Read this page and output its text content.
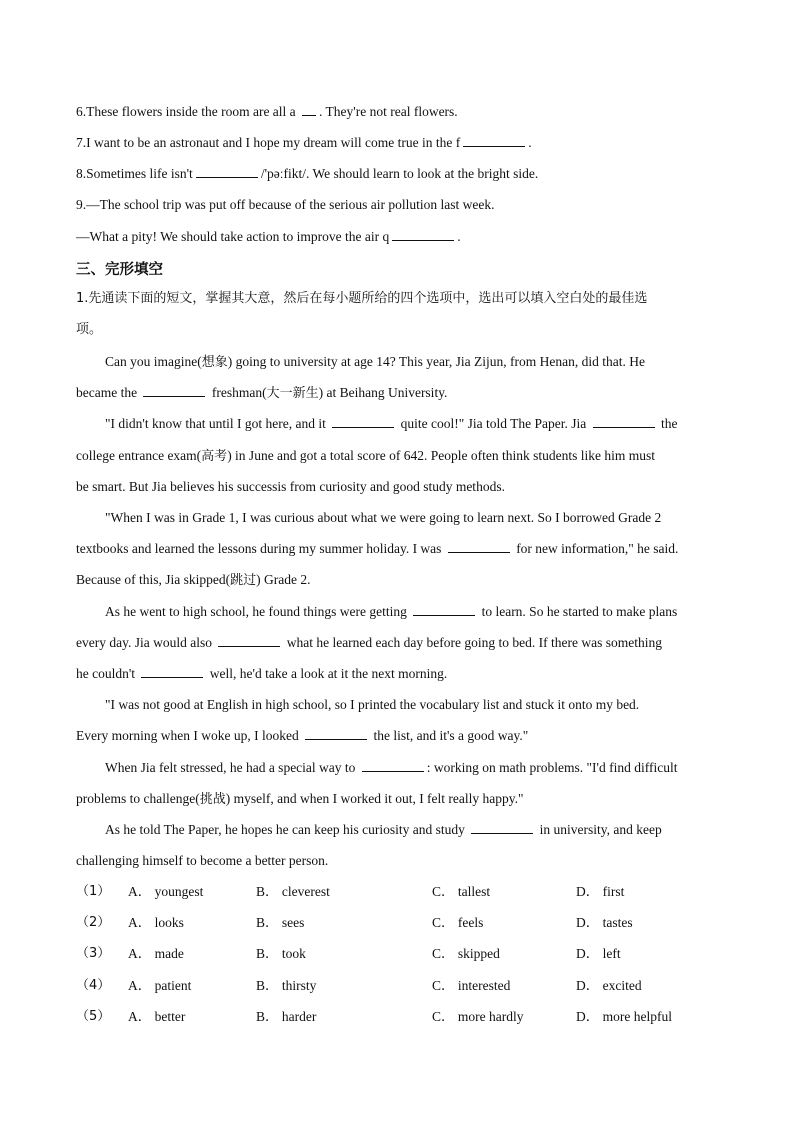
6.These flowers inside the room are all a . They're not real flowers.
7.I want to be an astronaut and I hope my dream will come true in the f	.
8.Sometimes life isn't	/'pəːfikt/. We should learn to look at the bright side.
9.—The school trip was put off because of the serious air pollution last week.
—What a pity! We should take action to improve the air q	.
三、完形填空
1.先通读下面的短文，掌握其大意，然后在每小题所给的四个选项中，选出可以填入空白处的最佳选
项。
Can you imagine(想象) going to university at age 14? This year, Jia Zijun, from Henan, did that. He
became the	freshman(大一新生) at Beihang University.
"I didn't know that until I got here, and it	quite cool!" Jia told The Paper. Jia	the
college entrance exam(高考) in June and got a total score of 642. People often think students like him must
be smart. But Jia believes his successis from curiosity and good study methods.
"When I was in Grade 1, I was curious about what we were going to learn next. So I borrowed Grade 2
textbooks and learned the lessons during my summer holiday. I was	for new information," he said.
Because of this, Jia skipped(跳过) Grade 2.
As he went to high school, he found things were getting	to learn. So he started to make plans
every day. Jia would also	what he learned each day before going to bed. If there was something
he couldn't	well, he'd take a look at it the next morning.
"I was not good at English in high school, so I printed the vocabulary list and stuck it onto my bed.
Every morning when I woke up, I looked	the list, and it's a good way."
When Jia felt stressed, he had a special way to	: working on math problems. "I'd find difficult
problems to challenge(挑战) myself, and when I worked it out, I felt really happy."
As he told The Paper, he hopes he can keep his curiosity and study	in university, and keep
challenging himself to become a better person.
（1） A． youngest	B． cleverest	C． tallest	D． first
（2） A． looks	B． sees	C． feels	D． tastes
（3） A． made	B． took	C． skipped	D． left
（4） A． patient	B． thirsty	C． interested	D． excited
（5） A． better	B． harder	C． more hardly	D． more helpful
